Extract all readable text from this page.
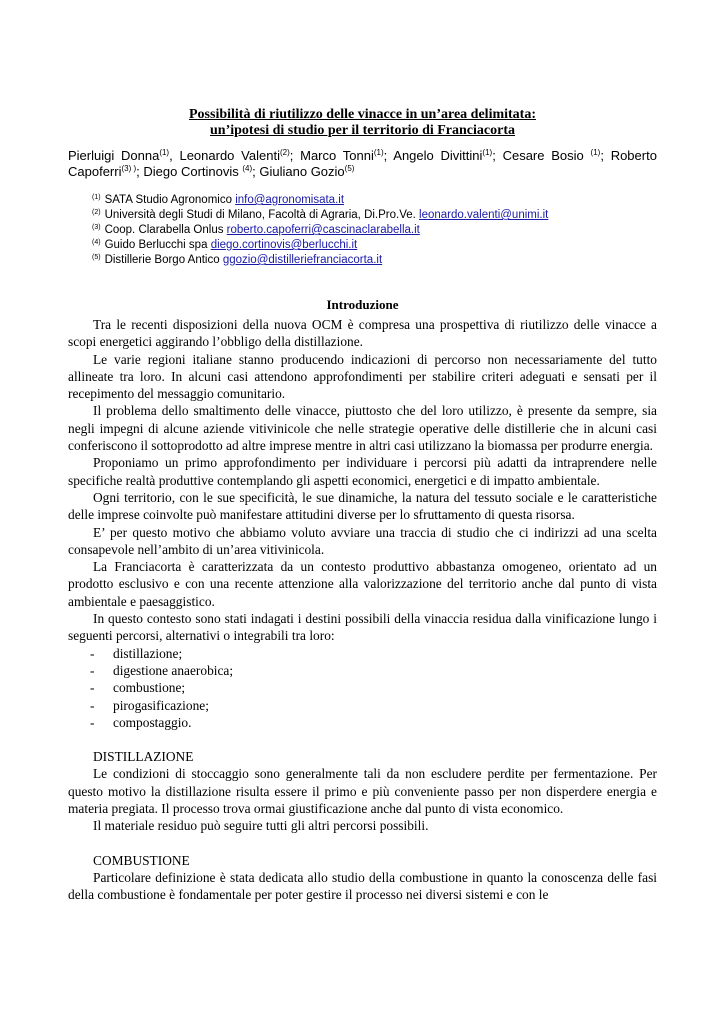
Possibilità di riutilizzo delle vinacce in un’area delimitata:
un’ipotesi di studio per il territorio di Franciacorta
Pierluigi Donna$^{(1)}$, Leonardo Valenti$^{(2)}$; Marco Tonni$^{(1)}$; Angelo Divittini$^{(1)}$; Cesare Bosio $^{(1)}$; Roberto Capoferri$^{(3) )}$; Diego Cortinovis $^{(4)}$; Giuliano Gozio$^{(5)}$
$^{(1)}$ SATA Studio Agronomico info@agronomisata.it
$^{(2)}$ Università degli Studi di Milano, Facoltà di Agraria, Di.Pro.Ve. leonardo.valenti@unimi.it
$^{(3)}$ Coop. Clarabella Onlus roberto.capoferri@cascinaclarabella.it
$^{(4)}$ Guido Berlucchi spa diego.cortinovis@berlucchi.it
$^{(5)}$ Distillerie Borgo Antico ggozio@distilleriefranciacorta.it
Introduzione

Tra le recenti disposizioni della nuova OCM è compresa una prospettiva di riutilizzo delle vinacce a scopi energetici aggirando l’obbligo della distillazione.

Le varie regioni italiane stanno producendo indicazioni di percorso non necessariamente del tutto allineate tra loro. In alcuni casi attendono approfondimenti per stabilire criteri adeguati e sensati per il recepimento del messaggio comunitario.

Il problema dello smaltimento delle vinacce, piuttosto che del loro utilizzo, è presente da sempre, sia negli impegni di alcune aziende vitivinicole che nelle strategie operative delle distillerie che in alcuni casi conferiscono il sottoprodotto ad altre imprese mentre in altri casi utilizzano la biomassa per produrre energia.

Proponiamo un primo approfondimento per individuare i percorsi più adatti da intraprendere nelle specifiche realtà produttive contemplando gli aspetti economici, energetici e di impatto ambientale.

Ogni territorio, con le sue specificità, le sue dinamiche, la natura del tessuto sociale e le caratteristiche delle imprese coinvolte può manifestare attitudini diverse per lo sfruttamento di questa risorsa.

E’ per questo motivo che abbiamo voluto avviare una traccia di studio che ci indirizzi ad una scelta consapevole nell’ambito di un’area vitivinicola.

La Franciacorta è caratterizzata da un contesto produttivo abbastanza omogeneo, orientato ad un prodotto esclusivo e con una recente attenzione alla valorizzazione del territorio anche dal punto di vista ambientale e paesaggistico.

In questo contesto sono stati indagati i destini possibili della vinaccia residua dalla vinificazione lungo i seguenti percorsi, alternativi o integrabili tra loro:

- distillazione;
- digestione anaerobica;
- combustione;
- pirogasificazione;
- compostaggio.
DISTILLAZIONE

Le condizioni di stoccaggio sono generalmente tali da non escludere perdite per fermentazione. Per questo motivo la distillazione risulta essere il primo e più conveniente passo per non disperdere energia e materia pregiata. Il processo trova ormai giustificazione anche dal punto di vista economico.

Il materiale residuo può seguire tutti gli altri percorsi possibili.

COMBUSTIONE

Particolare definizione è stata dedicata allo studio della combustione in quanto la conoscenza delle fasi della combustione è fondamentale per poter gestire il processo nei diversi sistemi e con le
